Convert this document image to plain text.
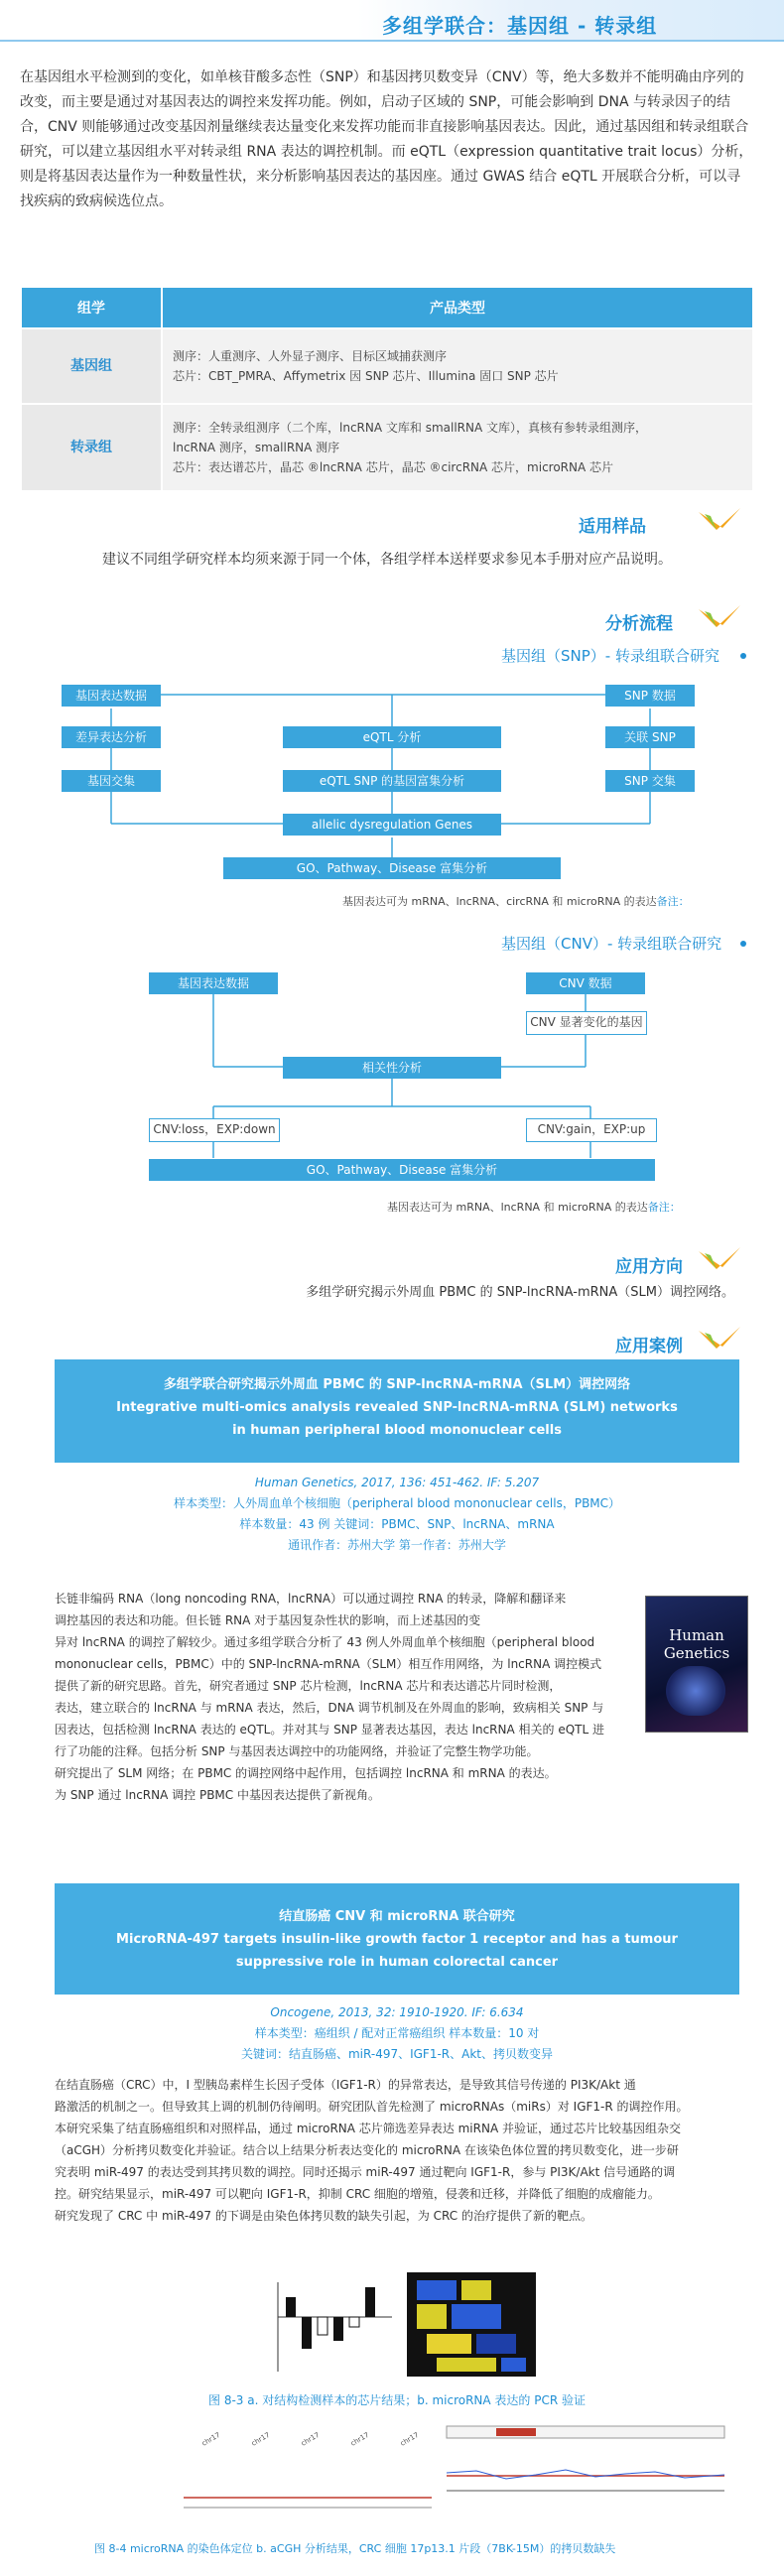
多组学联合：基因组 - 转录组
在基因组水平检测到的变化，如单核苷酸多态性（SNP）和基因拷贝数变异（CNV）等，绝大多数并不能明确由序列的改变，而主要是通过对基因表达的调控来发挥功能。例如，启动子区域的 SNP，可能会影响到 DNA 与转录因子的结合，CNV 则能够通过改变基因剂量继续表达量变化来发挥功能而非直接影响基因表达。因此，通过基因组和转录组联合研究，可以建立基因组水平对转录组 RNA 表达的调控机制。而 eQTL（expression quantitative trait locus）分析，则是将基因表达量作为一种数量性状，来分析影响基因表达的基因座。通过 GWAS 结合 eQTL 开展联合分析，可以寻找疾病的致病候选位点。
组学	产品类型
基因组	测序：人重测序、人外显子测序、目标区域捕获测序
芯片：CBT_PMRA、Affymetrix 因 SNP 芯片、Illumina 固口 SNP 芯片

转录组	测序：全转录组测序（二个库，lncRNA 文库和 smallRNA 文库），真核有参转录组测序，
lncRNA 测序，smallRNA 测序
芯片：表达谱芯片，晶芯 ®lncRNA 芯片，晶芯 ®circRNA 芯片，microRNA 芯片
适用样品
建议不同组学研究样本均须来源于同一个体，各组学样本送样要求参见本手册对应产品说明。
分析流程
基因组（SNP）- 转录组联合研究
SNP 数据
基因表达数据
关联 SNP
eQTL 分析
差异表达分析
SNP 交集
eQTL SNP 的基因富集分析
基因交集
allelic dysregulation Genes
GO、Pathway、Disease 富集分析
基因表达可为 mRNA、lncRNA、circRNA 和 microRNA 的表达备注：
基因组（CNV）- 转录组联合研究
CNV 数据
基因表达数据
CNV 显著变化的基因
相关性分析
CNV:gain，EXP:up
CNV:loss，EXP:down
GO、Pathway、Disease 富集分析
基因表达可为 mRNA、lncRNA 和 microRNA 的表达备注：
应用方向
多组学研究揭示外周血 PBMC 的 SNP-lncRNA-mRNA（SLM）调控网络。
应用案例
多组学联合研究揭示外周血 PBMC 的 SNP-lncRNA-mRNA（SLM）调控网络
Integrative multi-omics analysis revealed SNP-lncRNA-mRNA (SLM) networks
in human peripheral blood mononuclear cells
Human Genetics, 2017, 136: 451-462. IF: 5.207
样本类型：人外周血单个核细胞（peripheral blood mononuclear cells，PBMC）
样本数量：43 例 关键词：PBMC、SNP、lncRNA、mRNA
通讯作者：苏州大学 第一作者：苏州大学
Human Genetics
长链非编码 RNA（long noncoding RNA，lncRNA）可以通过调控 RNA 的转录，降解和翻译来
调控基因的表达和功能。但长链 RNA 对于基因复杂性状的影响，而上述基因的变
异对 lncRNA 的调控了解较少。通过多组学联合分析了 43 例人外周血单个核细胞（peripheral blood
mononuclear cells，PBMC）中的 SNP-lncRNA-mRNA（SLM）相互作用网络，为 lncRNA 调控模式
提供了新的研究思路。首先，研究者通过 SNP 芯片检测，lncRNA 芯片和表达谱芯片同时检测，
表达，建立联合的 lncRNA 与 mRNA 表达，然后，DNA 调节机制及在外周血的影响，致病相关 SNP 与
因表达，包括检测 lncRNA 表达的 eQTL。并对其与 SNP 显著表达基因，表达 lncRNA 相关的 eQTL 进
行了功能的注释。包括分析 SNP 与基因表达调控中的功能网络，并验证了完整生物学功能。
研究提出了 SLM 网络；在 PBMC 的调控网络中起作用，包括调控 lncRNA 和 mRNA 的表达。
为 SNP 通过 lncRNA 调控 PBMC 中基因表达提供了新视角。
结直肠癌 CNV 和 microRNA 联合研究
MicroRNA-497 targets insulin-like growth factor 1 receptor and has a tumour
suppressive role in human colorectal cancer
Oncogene, 2013, 32: 1910-1920. IF: 6.634
样本类型：癌组织 / 配对正常癌组织 样本数量：10 对
关键词：结直肠癌、miR-497、IGF1-R、Akt、拷贝数变异
在结直肠癌（CRC）中，I 型胰岛素样生长因子受体（IGF1-R）的异常表达，是导致其信号传递的 PI3K/Akt 通
路激活的机制之一。但导致其上调的机制仍待阐明。研究团队首先检测了 microRNAs（miRs）对 IGF1-R 的调控作用。
本研究采集了结直肠癌组织和对照样品，通过 microRNA 芯片筛选差异表达 miRNA 并验证，通过芯片比较基因组杂交
（aCGH）分析拷贝数变化并验证。结合以上结果分析表达变化的 microRNA 在该染色体位置的拷贝数变化，进一步研
究表明 miR-497 的表达受到其拷贝数的调控。同时还揭示 miR-497 通过靶向 IGF1-R，参与 PI3K/Akt 信号通路的调
控。研究结果显示，miR-497 可以靶向 IGF1-R，抑制 CRC 细胞的增殖，侵袭和迁移，并降低了细胞的成瘤能力。
研究发现了 CRC 中 miR-497 的下调是由染色体拷贝数的缺失引起，为 CRC 的治疗提供了新的靶点。
图 8-3 a. 对结构检测样本的芯片结果；b. microRNA 表达的 PCR 验证
chr17	chr17	chr17	chr17	chr17
图 8-4 microRNA 的染色体定位 b. aCGH 分析结果，CRC 细胞 17p13.1 片段（7BK-15M）的拷贝数缺失
